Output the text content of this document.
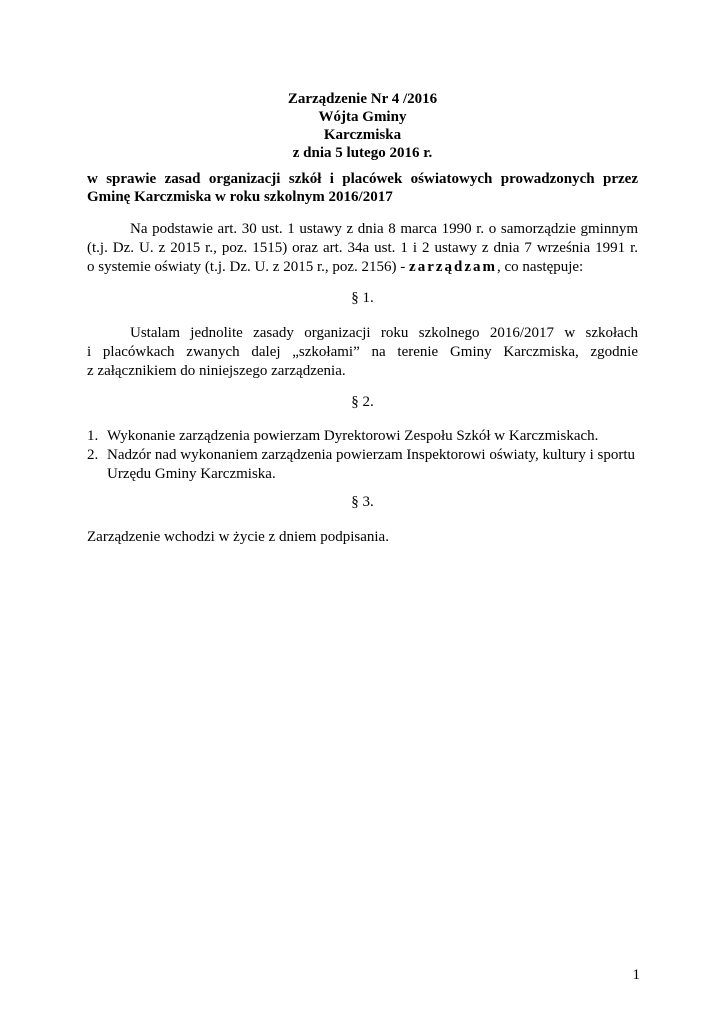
Zarządzenie Nr 4 /2016
Wójta Gminy
Karczmiska
z dnia 5 lutego 2016 r.
w sprawie zasad organizacji szkół i placówek oświatowych prowadzonych przez
Gminę Karczmiska w roku szkolnym 2016/2017
Na podstawie art. 30 ust. 1 ustawy z dnia 8 marca 1990 r. o samorządzie gminnym
(t.j. Dz. U. z 2015 r., poz. 1515) oraz art. 34a ust. 1 i 2 ustawy z dnia 7 września 1991 r.
o systemie oświaty (t.j. Dz. U. z 2015 r., poz. 2156) - zarządzam, co następuje:
§ 1.
Ustalam jednolite zasady organizacji roku szkolnego 2016/2017 w szkołach
i placówkach zwanych dalej „szkołami” na terenie Gminy Karczmiska, zgodnie
z załącznikiem do niniejszego zarządzenia.
§ 2.
1. Wykonanie zarządzenia powierzam Dyrektorowi Zespołu Szkół w Karczmiskach.
2. Nadzór nad wykonaniem zarządzenia powierzam Inspektorowi oświaty, kultury i sportu
Urzędu Gminy Karczmiska.
§ 3.
Zarządzenie wchodzi w życie z dniem podpisania.
1
